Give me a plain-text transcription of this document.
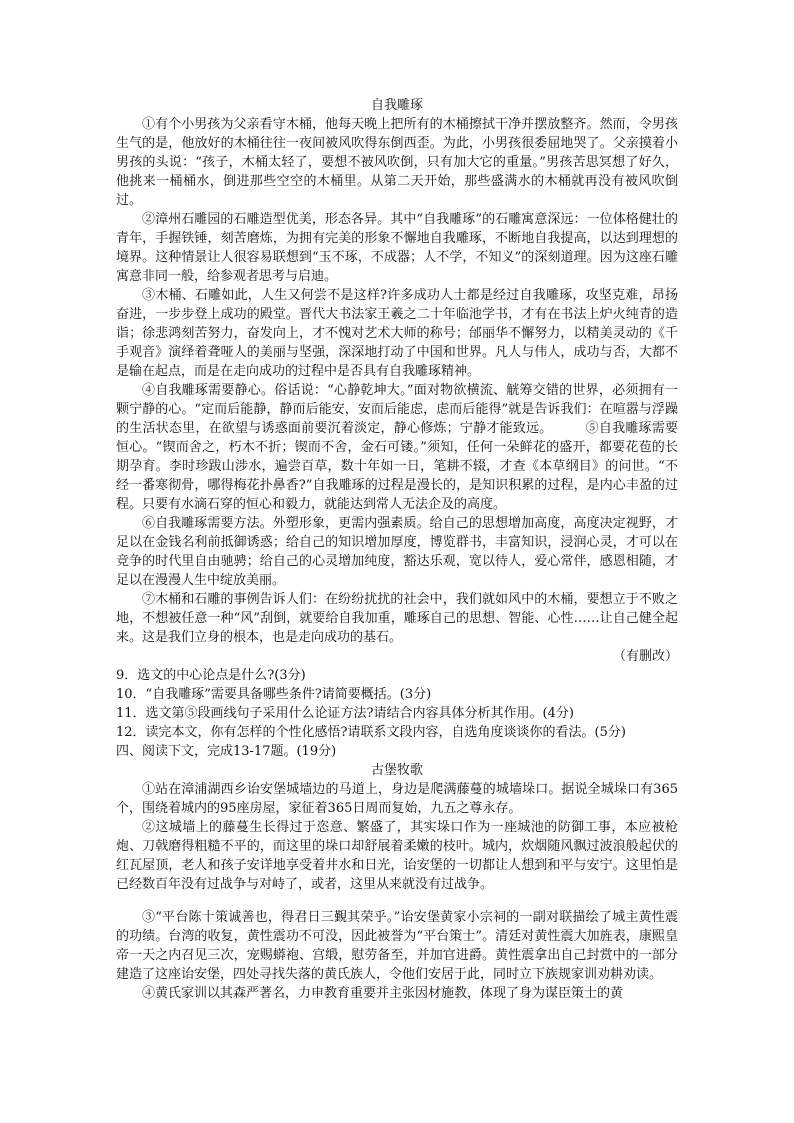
自我雕琢

①有个小男孩为父亲看守木桶，他每天晚上把所有的木桶擦拭干净并摆放整齐。然而，令男孩生气的是，他放好的木桶往往一夜间被风吹得东倒西歪。为此，小男孩很委屈地哭了。父亲摸着小男孩的头说：“孩子，木桶太轻了，要想不被风吹倒，只有加大它的重量。”男孩苦思冥想了好久，他挑来一桶桶水，倒进那些空空的木桶里。从第二天开始，那些盛满水的木桶就再没有被风吹倒过。

②漳州石雕园的石雕造型优美，形态各异。其中“自我雕琢”的石雕寓意深远：一位体格健壮的青年，手握铁锤，刻苦磨炼，为拥有完美的形象不懈地自我雕琢，不断地自我提高，以达到理想的境界。这种情景让人很容易联想到“玉不琢，不成器；人不学，不知义”的深刻道理。因为这座石雕寓意非同一般，给参观者思考与启迪。

③木桶、石雕如此，人生又何尝不是这样?许多成功人士都是经过自我雕琢，攻坚克难，昂扬奋进，一步步登上成功的殿堂。晋代大书法家王羲之二十年临池学书，才有在书法上炉火纯青的造诣；徐悲鸿刻苦努力，奋发向上，才不愧对艺术大师的称号；邰丽华不懈努力，以精美灵动的《千手观音》演绎着聋哑人的美丽与坚强，深深地打动了中国和世界。凡人与伟人，成功与否，大都不是输在起点，而是在走向成功的过程中是否具有自我雕琢精神。

④自我雕琢需要静心。俗话说：“心静乾坤大。”面对物欲横流、觥筹交错的世界，必须拥有一颗宁静的心。“定而后能静，静而后能安，安而后能虑，虑而后能得”就是告诉我们：在喧嚣与浮躁的生活状态里，在欲望与诱惑面前要沉着淡定，静心修炼；宁静才能致远。　　　⑤自我雕琢需要恒心。“锲而舍之，朽木不折；锲而不舍，金石可镂。”须知，任何一朵鲜花的盛开，都要花苞的长期孕育。李时珍跋山涉水，遍尝百草，数十年如一日，笔耕不辍，才查《本草纲目》的问世。“不经一番寒彻骨，哪得梅花扑鼻香?”自我雕琢的过程是漫长的，是知识积累的过程，是内心丰盈的过程。只要有水滴石穿的恒心和毅力，就能达到常人无法企及的高度。

⑥自我雕琢需要方法。外塑形象，更需内强素质。给自己的思想增加高度，高度决定视野，才足以在金钱名利前抵御诱惑；给自己的知识增加厚度，博览群书，丰富知识，浸润心灵，才可以在竞争的时代里自由驰骋；给自己的心灵增加纯度，豁达乐观，宽以待人，爱心常伴，感恩相随，才足以在漫漫人生中绽放美丽。

⑦木桶和石雕的事例告诉人们：在纷纷扰扰的社会中，我们就如风中的木桶，要想立于不败之地，不想被任意一种“风”刮倒，就要给自我加重，雕琢自己的思想、智能、心性……让自己健全起来。这是我们立身的根本，也是走向成功的基石。

（有删改）

9．选文的中心论点是什么?(3分)

10．“自我雕琢”需要具备哪些条件?请简要概括。(3分)

11．选文第⑤段画线句子采用什么论证方法?请结合内容具体分析其作用。(4分)

12．读完本文，你有怎样的个性化感悟?请联系文段内容，自选角度谈谈你的看法。(5分)

四、阅读下文，完成13-17题。(19分)

古堡牧歌

①站在漳浦湖西乡诒安堡城墙边的马道上，身边是爬满藤蔓的城墙垛口。据说全城垛口有365个，围绕着城内的95座房屋，家征着365日周而复始，九五之尊永存。

②这城墙上的藤蔓生长得过于恣意、繁盛了，其实垛口作为一座城池的防御工事，本应被枪炮、刀戟磨得粗糙不平的，而这里的垛口却舒展着柔嫩的枝叶。城内，炊烟随风飘过波浪般起伏的红瓦屋顶，老人和孩子安详地享受着井水和日光，诒安堡的一切都让人想到和平与安宁。这里怕是已经数百年没有过战争与对峙了，或者，这里从来就没有过战争。

③“平台陈十策诚善也，得君日三覲其荣乎。”诒安堡黄家小宗祠的一副对联描绘了城主黄性震的功绩。台湾的收复，黄性震功不可没，因此被誉为“平台策士”。清廷对黄性震大加旌表，康熙皇帝一天之内召见三次，宠赐蟒袍、宫缎，慰劳备至，并加官进爵。黄性震拿出自己封赏中的一部分建造了这座诒安堡，四处寻找失落的黄氏族人，令他们安居于此，同时立下族规家训劝耕劝读。

④黄氏家训以其森严著名，力申教育重要并主张因材施教，体现了身为谋臣策士的黄
